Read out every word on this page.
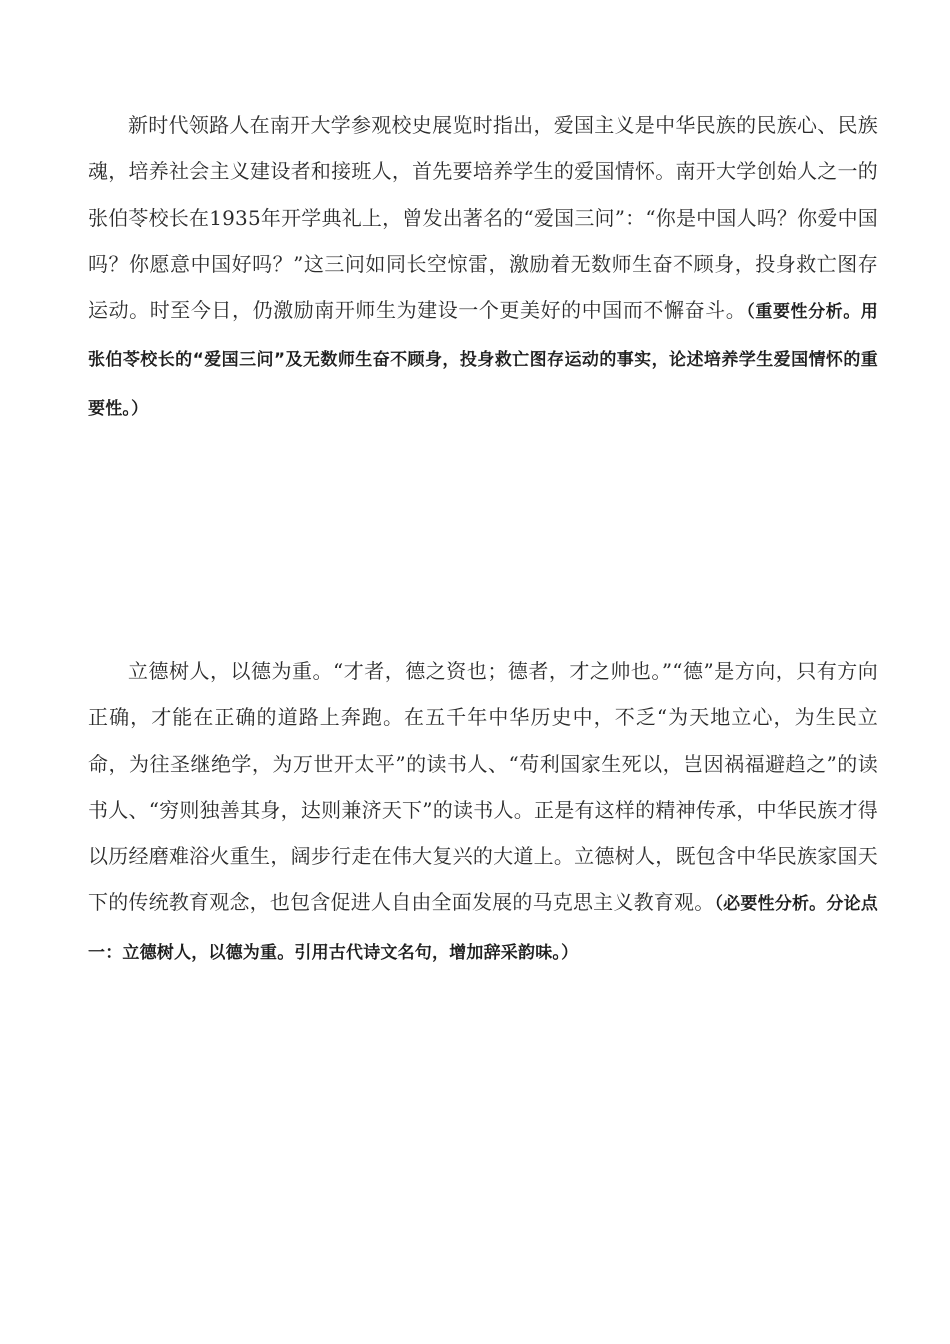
新时代领路人在南开大学参观校史展览时指出，爱国主义是中华民族的民族心、民族魂，培养社会主义建设者和接班人，首先要培养学生的爱国情怀。南开大学创始人之一的张伯苓校长在1935年开学典礼上，曾发出著名的“爱国三问”：“你是中国人吗？你爱中国吗？你愿意中国好吗？”这三问如同长空惊雷，激励着无数师生奋不顾身，投身救亡图存运动。时至今日，仍激励南开师生为建设一个更美好的中国而不懈奋斗。（重要性分析。用张伯苓校长的“爱国三问”及无数师生奋不顾身，投身救亡图存运动的事实，论述培养学生爱国情怀的重要性。）

立德树人，以德为重。“才者，德之资也；德者，才之帅也。”“德”是方向，只有方向正确，才能在正确的道路上奔跑。在五千年中华历史中，不乏“为天地立心，为生民立命，为往圣继绝学，为万世开太平”的读书人、“苟利国家生死以，岂因祸福避趋之”的读书人、“穷则独善其身，达则兼济天下”的读书人。正是有这样的精神传承，中华民族才得以历经磨难浴火重生，阔步行走在伟大复兴的大道上。立德树人，既包含中华民族家国天下的传统教育观念，也包含促进人自由全面发展的马克思主义教育观。（必要性分析。分论点一：立德树人，以德为重。引用古代诗文名句，增加辞采韵味。）
